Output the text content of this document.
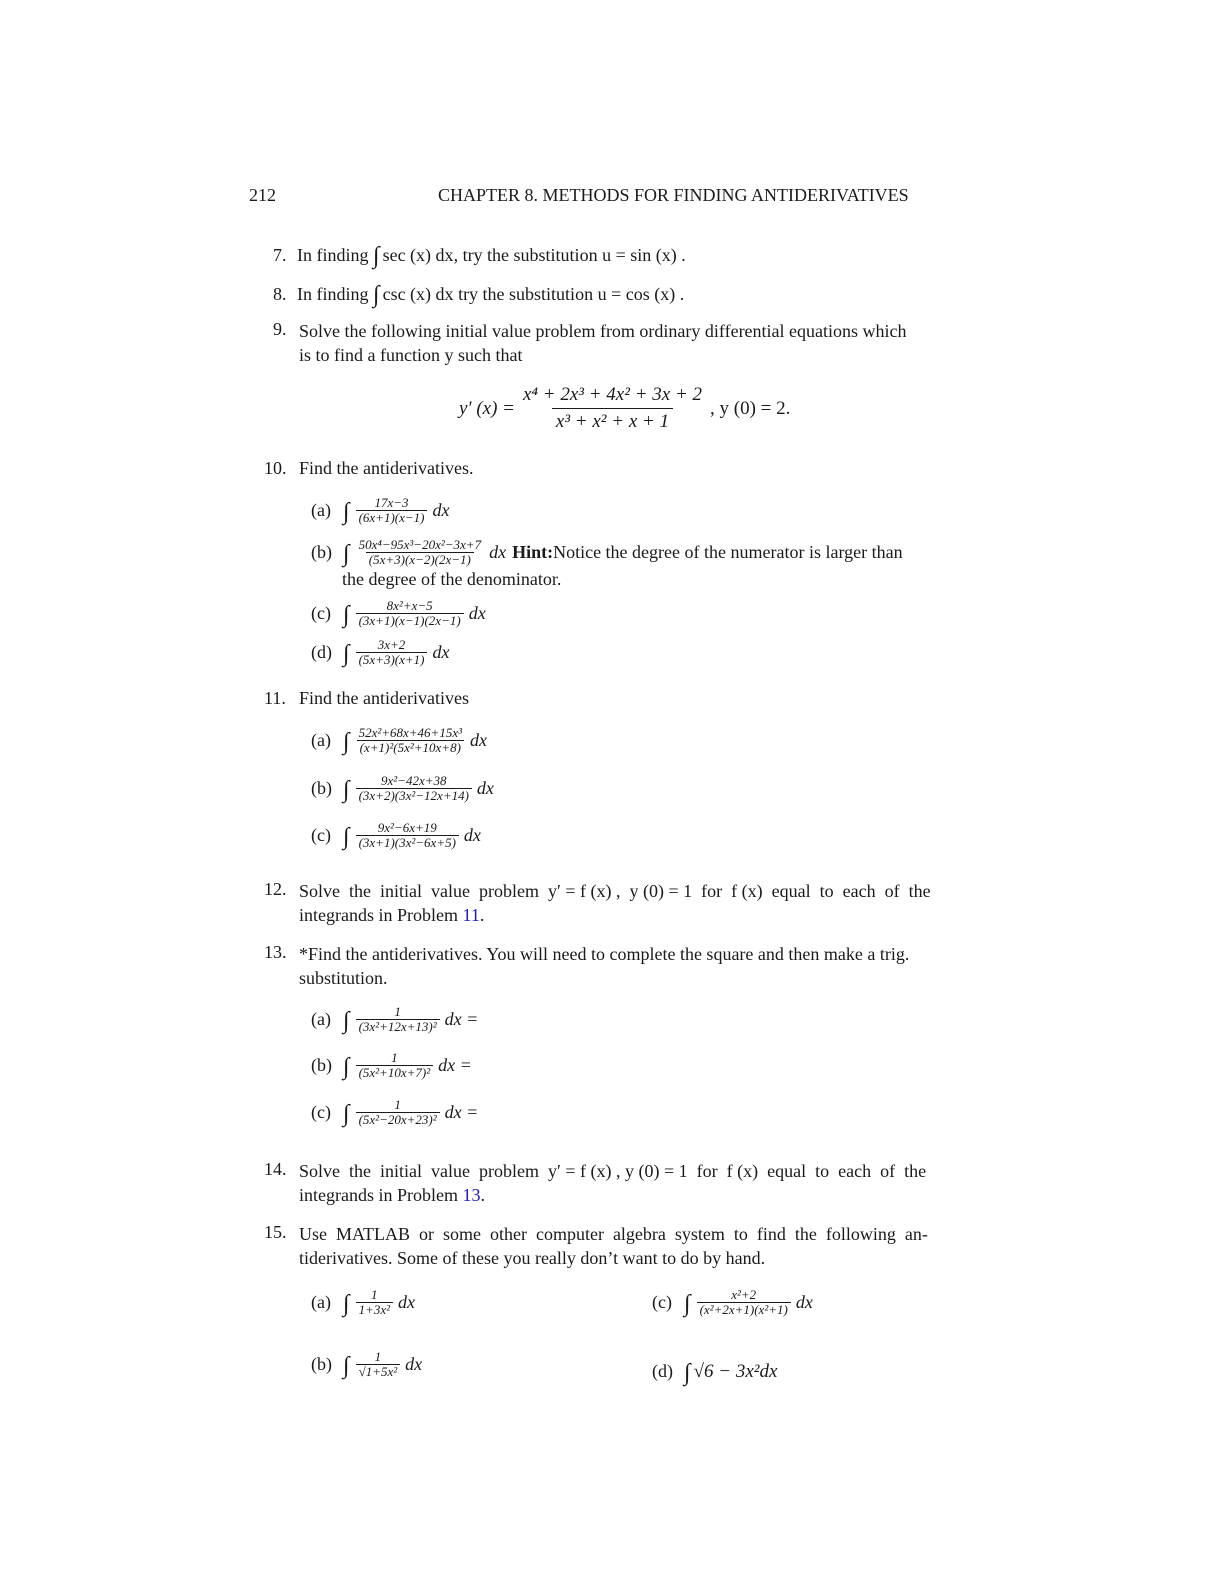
212	CHAPTER 8. METHODS FOR FINDING ANTIDERIVATIVES
7. In finding ∫ sec (x) dx, try the substitution u = sin (x) .
8. In finding ∫ csc (x) dx try the substitution u = cos (x) .
9. Solve the following initial value problem from ordinary differential equations which
is to find a function y such that
y′ $(x) = \frac{\text{x⁴ + 2x³ + 4x² + 3x + 2}}{\text{x³ + x² + x + 1}}$ , y (0) = 2.
10. Find the antiderivatives.
(a) ∫ $\frac{17x-3}{(6x+1)(x-1)}$ dx
(b) ∫ $\frac{\text{50x⁴−95x³−20x²−3x+7}}{(5x+3)(x-2)(2x-1)}$ dx Hint: Notice the degree of the numerator is larger than
the degree of the denominator.
(c) ∫ $\frac{\text{8x²+x−5}}{(3x+1)(x-1)(2x-1)}$ dx
(d) ∫ $\frac{3x+2}{(5x+3)(x+1)}$ dx
11. Find the antiderivatives
(a) ∫ $\frac{\text{52x²+68x+46+15x³}}{\text{(x+1)²(5x²+10x+8)}}$ dx
(b) ∫ $\frac{\text{9x²−42x+38}}{\text{(3x+2)(3x²−12x+14)}}$ dx
(c) ∫ $\frac{\text{9x²−6x+19}}{\text{(3x+1)(3x²−6x+5)}}$ dx
12. Solve  the  initial  value  problem  y′ = f (x) ,  y (0) = 1  for  f (x)  equal  to  each  of  the
integrands in Problem 11.
13. *Find the antiderivatives. You will need to complete the square and then make a trig.
substitution.
(a) ∫ $\frac{1}{\text{(3x²+12x+13)²}}$ dx =
(b) ∫ $\frac{1}{\text{(5x²+10x+7)²}}$ dx =
(c) ∫ $\frac{1}{\text{(5x²−20x+23)²}}$ dx =
14. Solve  the  initial  value  problem  y′ = f (x) , y (0) = 1  for  f (x)  equal  to  each  of  the
integrands in Problem 13.
15. Use  MATLAB  or  some  other  computer  algebra  system  to  find  the  following  an-
tiderivatives. Some of these you really don’t want to do by hand.
(a) ∫ $\frac{1}{\text{1+3x²}}$ dx
(b) ∫ $\frac{1}{\text{√1+5x²}}$ dx
(c) ∫ $\frac{\text{x²+2}}{\text{(x²+2x+1)(x²+1)}}$ dx
(d) ∫ √6 − 3x²dx
